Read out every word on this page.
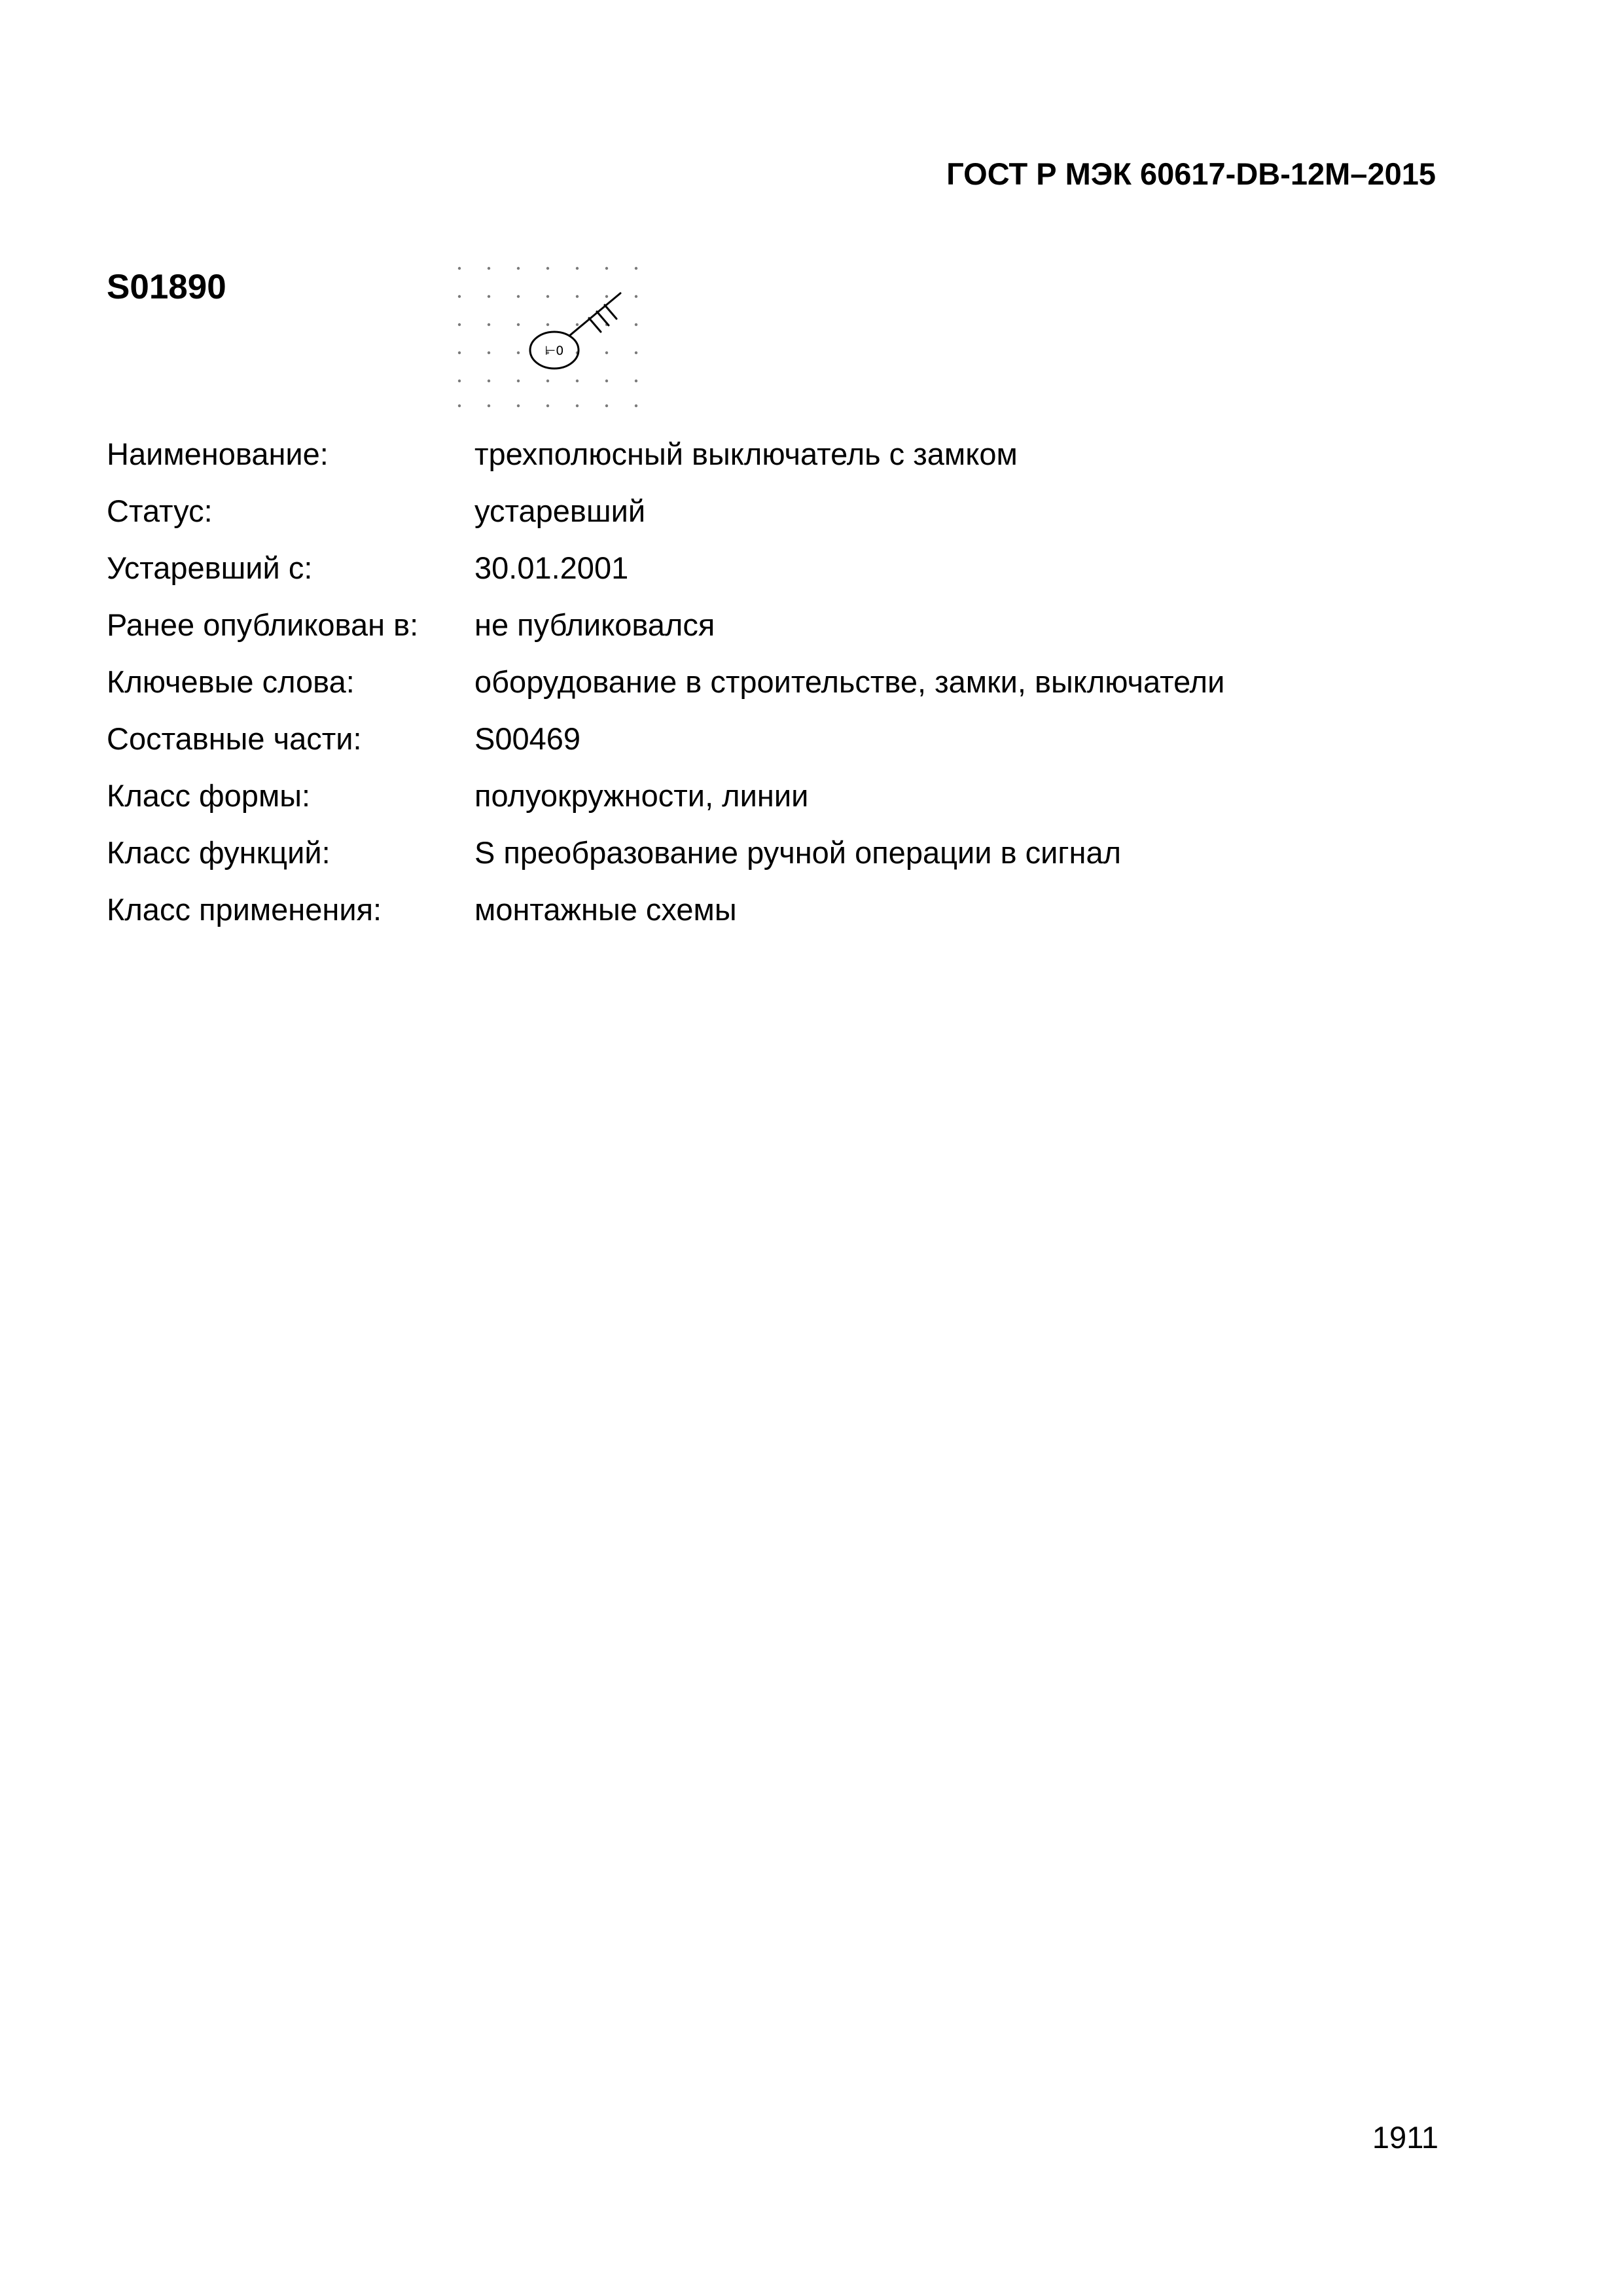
ГОСТ Р МЭК 60617-DB-12М–2015
S01890
⊢0
Наименование:	трехполюсный выключатель с замком
Статус:	устаревший
Устаревший с:	30.01.2001
Ранее опубликован в:	не публиковался
Ключевые слова:	оборудование в строительстве, замки, выключатели
Составные части:	S00469
Класс формы:	полуокружности, линии
Класс функций:	S преобразование ручной операции в сигнал
Класс применения:	монтажные схемы
1911
